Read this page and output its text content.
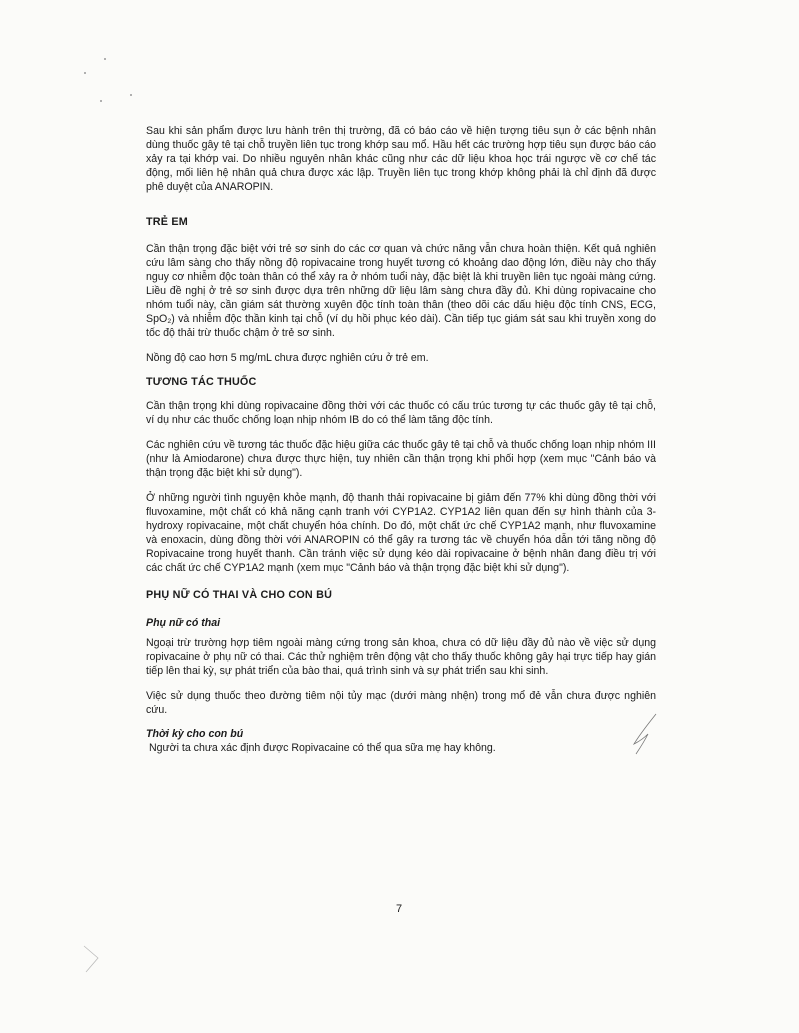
Sau khi sản phẩm được lưu hành trên thị trường, đã có báo cáo về hiện tượng tiêu sụn ở các bệnh nhân dùng thuốc gây tê tại chỗ truyền liên tục trong khớp sau mổ. Hầu hết các trường hợp tiêu sụn được báo cáo xảy ra tại khớp vai. Do nhiều nguyên nhân khác cũng như các dữ liệu khoa học trái ngược về cơ chế tác động, mối liên hệ nhân quả chưa được xác lập. Truyền liên tục trong khớp không phải là chỉ định đã được phê duyệt của ANAROPIN.

TRẺ EM

Cần thận trọng đặc biệt với trẻ sơ sinh do các cơ quan và chức năng vẫn chưa hoàn thiện. Kết quả nghiên cứu lâm sàng cho thấy nồng độ ropivacaine trong huyết tương có khoảng dao động lớn, điều này cho thấy nguy cơ nhiễm độc toàn thân có thể xảy ra ở nhóm tuổi này, đặc biệt là khi truyền liên tục ngoài màng cứng. Liều đề nghị ở trẻ sơ sinh được dựa trên những dữ liệu lâm sàng chưa đầy đủ. Khi dùng ropivacaine cho nhóm tuổi này, cần giám sát thường xuyên độc tính toàn thân (theo dõi các dấu hiệu độc tính CNS, ECG, SpO₂) và nhiễm độc thần kinh tại chỗ (ví dụ hồi phục kéo dài). Cần tiếp tục giám sát sau khi truyền xong do tốc độ thải trừ thuốc chậm ở trẻ sơ sinh.

Nồng độ cao hơn 5 mg/mL chưa được nghiên cứu ở trẻ em.

TƯƠNG TÁC THUỐC

Cần thận trọng khi dùng ropivacaine đồng thời với các thuốc có cấu trúc tương tự các thuốc gây tê tại chỗ, ví dụ như các thuốc chống loạn nhịp nhóm IB do có thể làm tăng độc tính.

Các nghiên cứu về tương tác thuốc đặc hiệu giữa các thuốc gây tê tại chỗ và thuốc chống loạn nhịp nhóm III (như là Amiodarone) chưa được thực hiện, tuy nhiên cần thận trọng khi phối hợp (xem mục "Cảnh báo và thận trọng đặc biệt khi sử dụng").

Ở những người tình nguyện khỏe mạnh, độ thanh thải ropivacaine bị giảm đến 77% khi dùng đồng thời với fluvoxamine, một chất có khả năng cạnh tranh với CYP1A2. CYP1A2 liên quan đến sự hình thành của 3-hydroxy ropivacaine, một chất chuyển hóa chính. Do đó, một chất ức chế CYP1A2 mạnh, như fluvoxamine và enoxacin, dùng đồng thời với ANAROPIN có thể gây ra tương tác về chuyển hóa dẫn tới tăng nồng độ Ropivacaine trong huyết thanh. Cần tránh việc sử dụng kéo dài ropivacaine ở bệnh nhân đang điều trị với các chất ức chế CYP1A2 mạnh (xem mục "Cảnh báo và thận trọng đặc biệt khi sử dụng").

PHỤ NỮ CÓ THAI VÀ CHO CON BÚ

Phụ nữ có thai

Ngoại trừ trường hợp tiêm ngoài màng cứng trong sản khoa, chưa có dữ liệu đầy đủ nào về việc sử dụng ropivacaine ở phụ nữ có thai. Các thử nghiệm trên động vật cho thấy thuốc không gây hại trực tiếp hay gián tiếp lên thai kỳ, sự phát triển của bào thai, quá trình sinh và sự phát triển sau khi sinh.

Việc sử dụng thuốc theo đường tiêm nội tủy mạc (dưới màng nhện) trong mổ đẻ vẫn chưa được nghiên cứu.

Thời kỳ cho con bú

Người ta chưa xác định được Ropivacaine có thể qua sữa mẹ hay không.

7
